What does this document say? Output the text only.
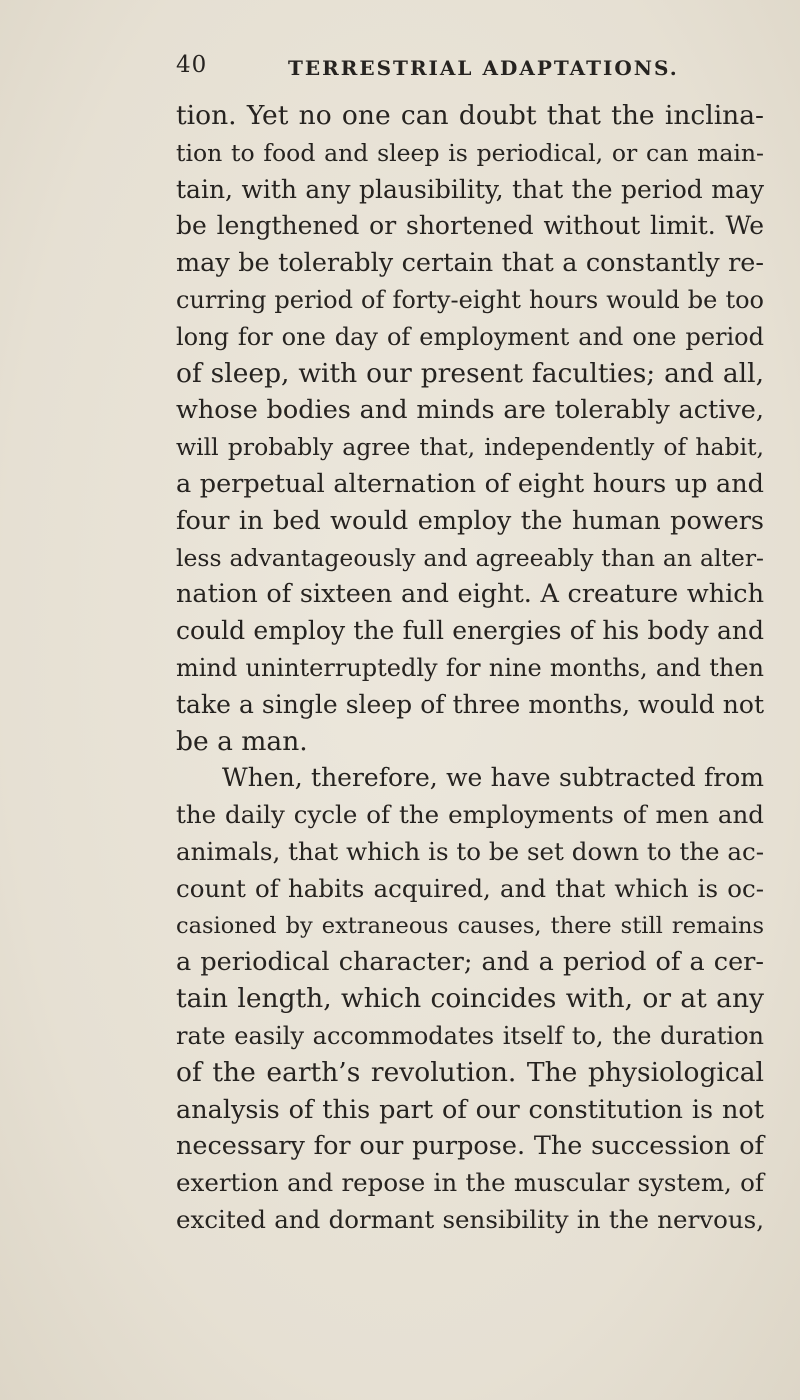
40	TERRESTRIAL ADAPTATIONS.
tion. Yet no one can doubt that the inclina-
tion to food and sleep is periodical, or can main-
tain, with any plausibility, that the period may
be lengthened or shortened without limit. We
may be tolerably certain that a constantly re-
curring period of forty-eight hours would be too
long for one day of employment and one period
of sleep, with our present faculties; and all,
whose bodies and minds are tolerably active,
will probably agree that, independently of habit,
a perpetual alternation of eight hours up and
four in bed would employ the human powers
less advantageously and agreeably than an alter-
nation of sixteen and eight. A creature which
could employ the full energies of his body and
mind uninterruptedly for nine months, and then
take a single sleep of three months, would not
be a man.
When, therefore, we have subtracted from
the daily cycle of the employments of men and
animals, that which is to be set down to the ac-
count of habits acquired, and that which is oc-
casioned by extraneous causes, there still remains
a periodical character; and a period of a cer-
tain length, which coincides with, or at any
rate easily accommodates itself to, the duration
of the earth’s revolution. The physiological
analysis of this part of our constitution is not
necessary for our purpose. The succession of
exertion and repose in the muscular system, of
excited and dormant sensibility in the nervous,
